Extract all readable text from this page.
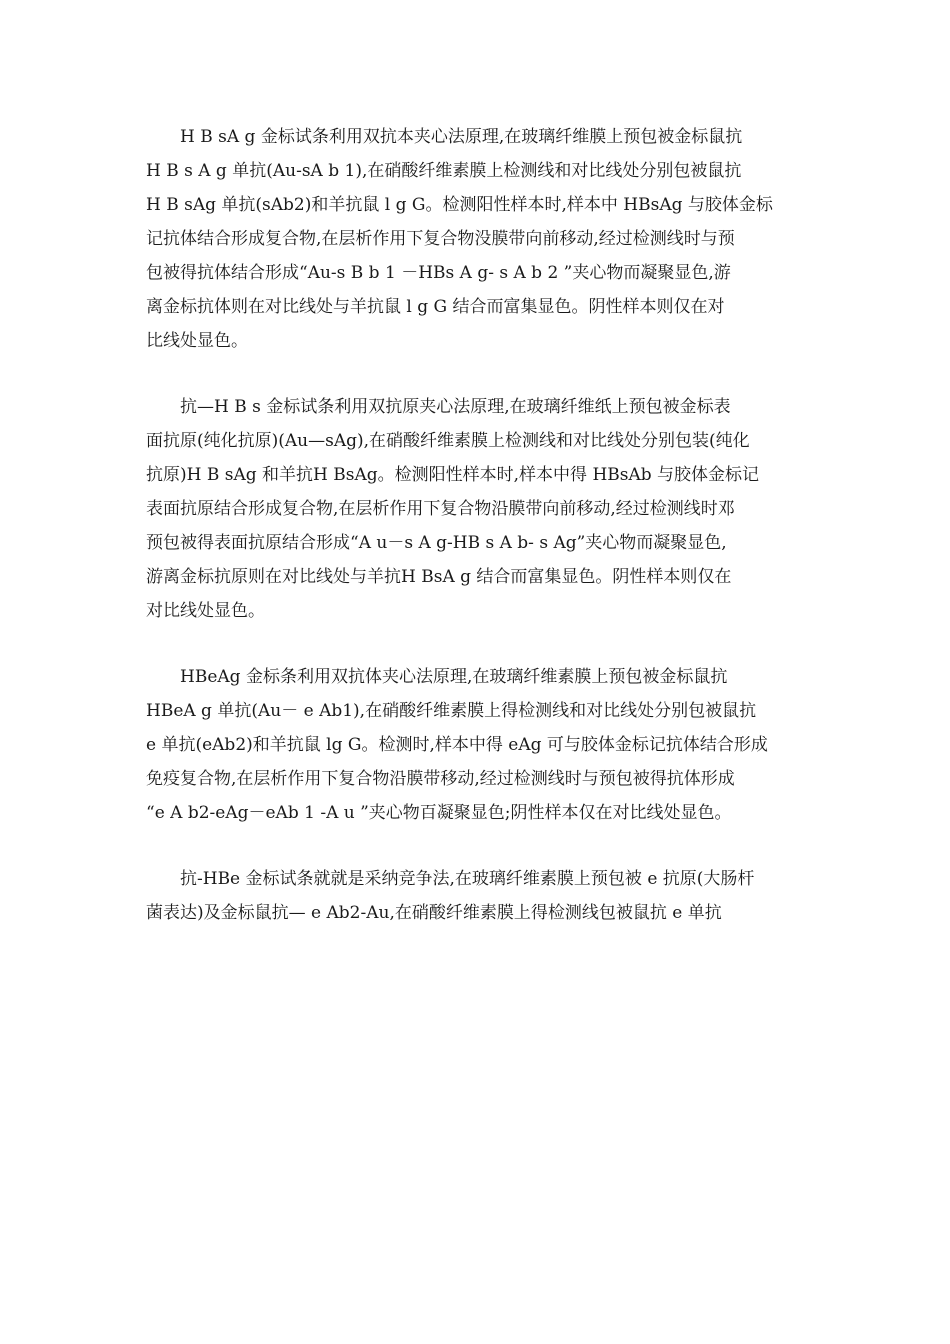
H B sA g 金标试条利用双抗本夹心法原理,在玻璃纤维膜上预包被金标鼠抗
H B s A g 单抗(Au-sA b 1),在硝酸纤维素膜上检测线和对比线处分别包被鼠抗
H B sAg 单抗(sAb2)和羊抗鼠 l g G。检测阳性样本时,样本中 HBsAg 与胶体金标
记抗体结合形成复合物,在层析作用下复合物没膜带向前移动,经过检测线时与预
包被得抗体结合形成“Au-s B b 1 －HBs A g- s A b 2 ”夹心物而凝聚显色,游
离金标抗体则在对比线处与羊抗鼠 l g G 结合而富集显色。阴性样本则仅在对
比线处显色。
抗—H B s 金标试条利用双抗原夹心法原理,在玻璃纤维纸上预包被金标表
面抗原(纯化抗原)(Au—sAg),在硝酸纤维素膜上检测线和对比线处分别包装(纯化
抗原)H B sAg 和羊抗H BsAg。检测阳性样本时,样本中得 HBsAb 与胶体金标记
表面抗原结合形成复合物,在层析作用下复合物沿膜带向前移动,经过检测线时邓
预包被得表面抗原结合形成“A u－s A g-HB s A b- s Ag”夹心物而凝聚显色,
游离金标抗原则在对比线处与羊抗H BsA g 结合而富集显色。阴性样本则仅在
对比线处显色。
HBeAg 金标条利用双抗体夹心法原理,在玻璃纤维素膜上预包被金标鼠抗
HBeA g 单抗(Au－ e Ab1),在硝酸纤维素膜上得检测线和对比线处分别包被鼠抗
e 单抗(eAb2)和羊抗鼠 lg G。检测时,样本中得 eAg 可与胶体金标记抗体结合形成
免疫复合物,在层析作用下复合物沿膜带移动,经过检测线时与预包被得抗体形成
“e A b2-eAg－eAb 1 -A u ”夹心物百凝聚显色;阴性样本仅在对比线处显色。
抗-HBe 金标试条就就是采纳竞争法,在玻璃纤维素膜上预包被 e 抗原(大肠杆
菌表达)及金标鼠抗— e Ab2-Au,在硝酸纤维素膜上得检测线包被鼠抗 e 单抗
